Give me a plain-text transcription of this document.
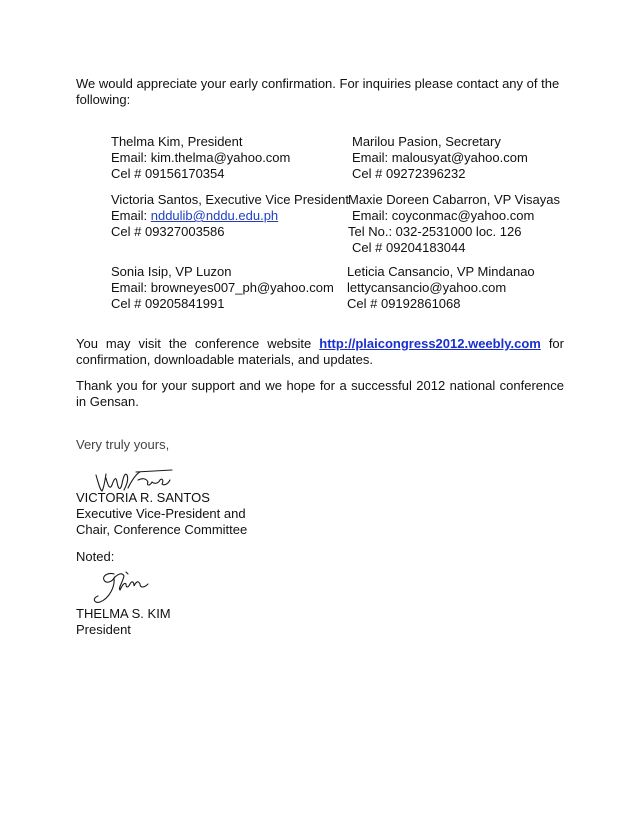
We would appreciate your early confirmation. For inquiries please contact any of the following:
Thelma Kim, President
Email: kim.thelma@yahoo.com
Cel # 09156170354
Marilou Pasion, Secretary
Email: malousyat@yahoo.com
Cel # 09272396232
Victoria Santos, Executive Vice President
Email: nddulib@nddu.edu.ph
Cel # 09327003586
Maxie Doreen Cabarron, VP Visayas
Email: coyconmac@yahoo.com
Tel No.: 032-2531000 loc. 126
Cel # 09204183044
Sonia Isip, VP Luzon
Email: browneyes007_ph@yahoo.com
Cel # 09205841991
Leticia Cansancio, VP Mindanao
lettycansancio@yahoo.com
Cel # 09192861068
You may visit the conference website http://plaicongress2012.weebly.com for confirmation, downloadable materials, and updates.
Thank you for your support and we hope for a successful 2012 national conference in Gensan.
Very truly yours,
VICTORIA R. SANTOS
Executive Vice-President and
Chair, Conference Committee
Noted:
THELMA S. KIM
President
